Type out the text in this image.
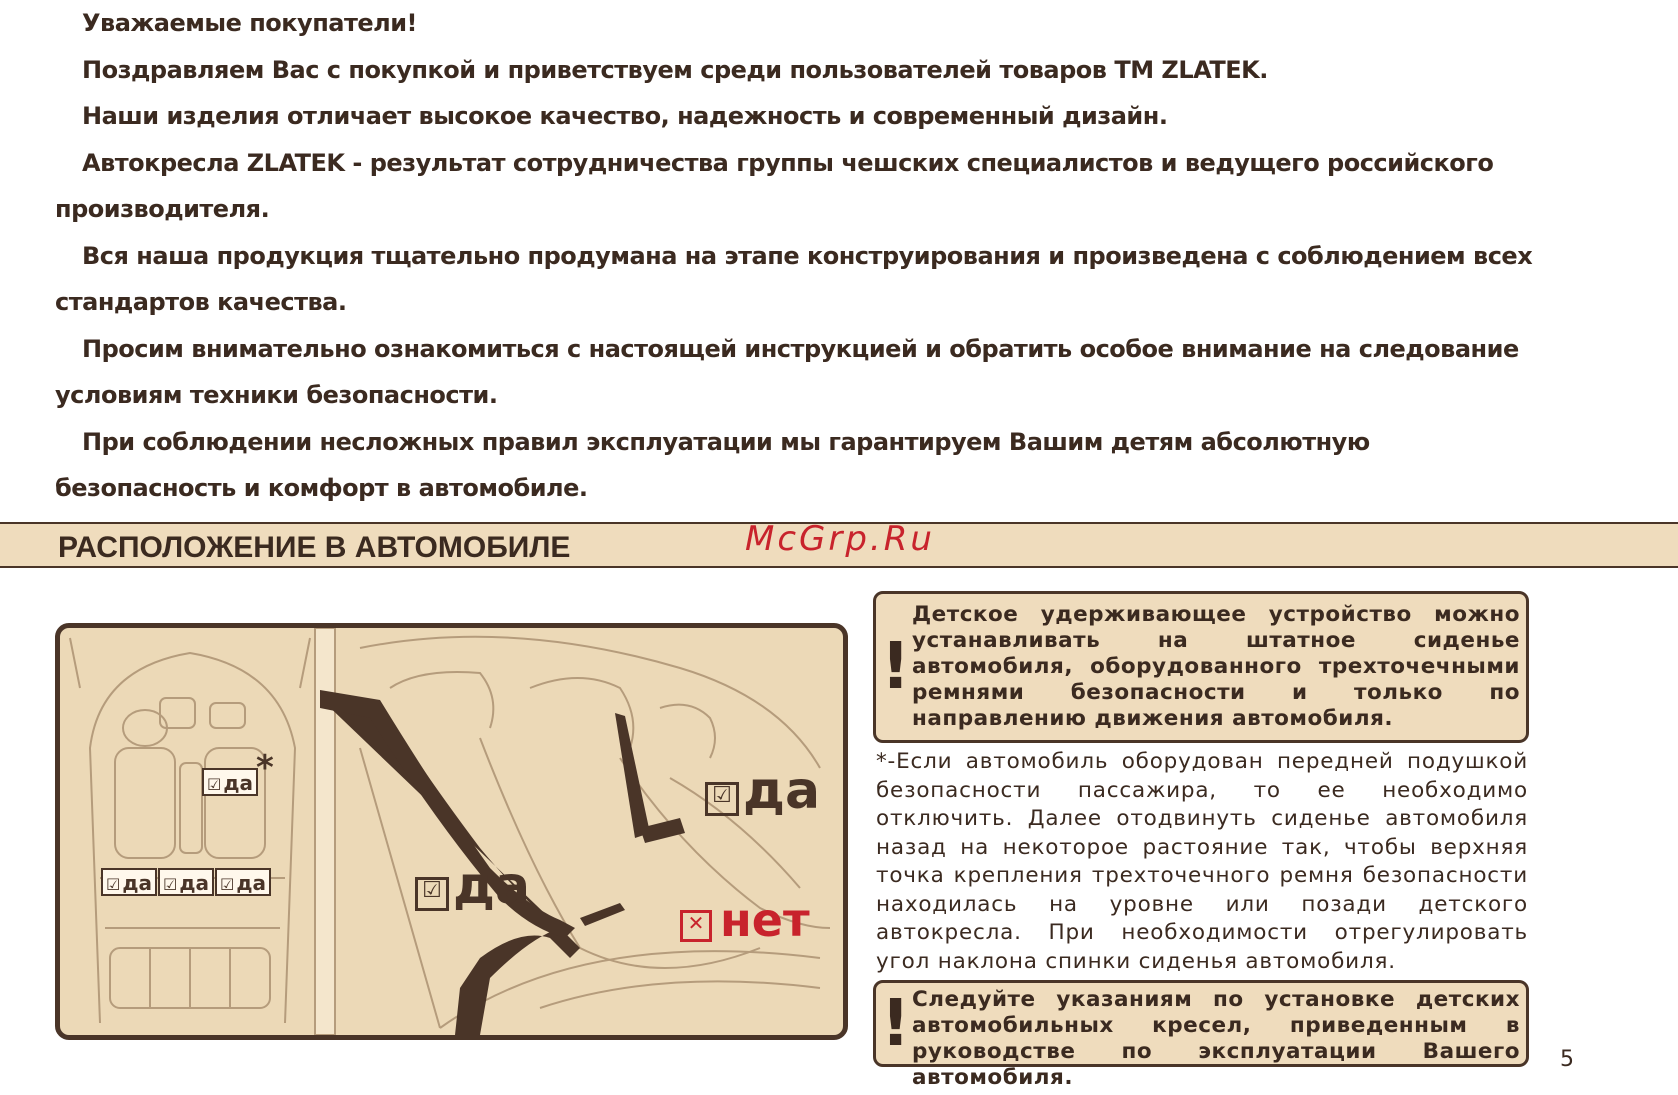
Уважаемые покупатели!

Поздравляем Вас с покупкой и приветствуем среди пользователей товаров ТМ ZLATEK.

Наши изделия отличает высокое качество, надежность и современный дизайн.

Автокресла ZLATEK - результат сотрудничества группы чешских специалистов и ведущего российского производителя.

Вся наша продукция тщательно продумана на этапе конструирования и произведена с соблюдением всех стандартов качества.

Просим внимательно ознакомиться с настоящей инструкцией и обратить особое внимание на следование условиям техники безопасности.

При соблюдении несложных правил эксплуатации мы гарантируем Вашим детям абсолютную безопасность и комфорт в автомобиле.

РАСПОЛОЖЕНИЕ В АВТОМОБИЛЕ	McGrp.Ru
☑ да *
☑ да ☑ да ☑ да	☑ да
☑ да
✕ нет
!

Детское удерживающее устройство можно устанавливать на штатное сиденье автомобиля, оборудованного трехточечными ремнями безопасности и только по направлению движения автомобиля.

*-Если автомобиль оборудован передней подушкой безопасности пассажира, то ее необходимо отключить. Далее отодвинуть сиденье автомобиля назад на некоторое растояние так, чтобы верхняя точка крепления трехточечного ремня безопасности находилась на уровне или позади детского автокресла. При необходимости отрегулировать угол наклона спинки сиденья автомобиля.

! Следуйте указаниям по установке детских автомобильных кресел, приведенным в руководстве по эксплуатации Вашего автомобиля.

5
